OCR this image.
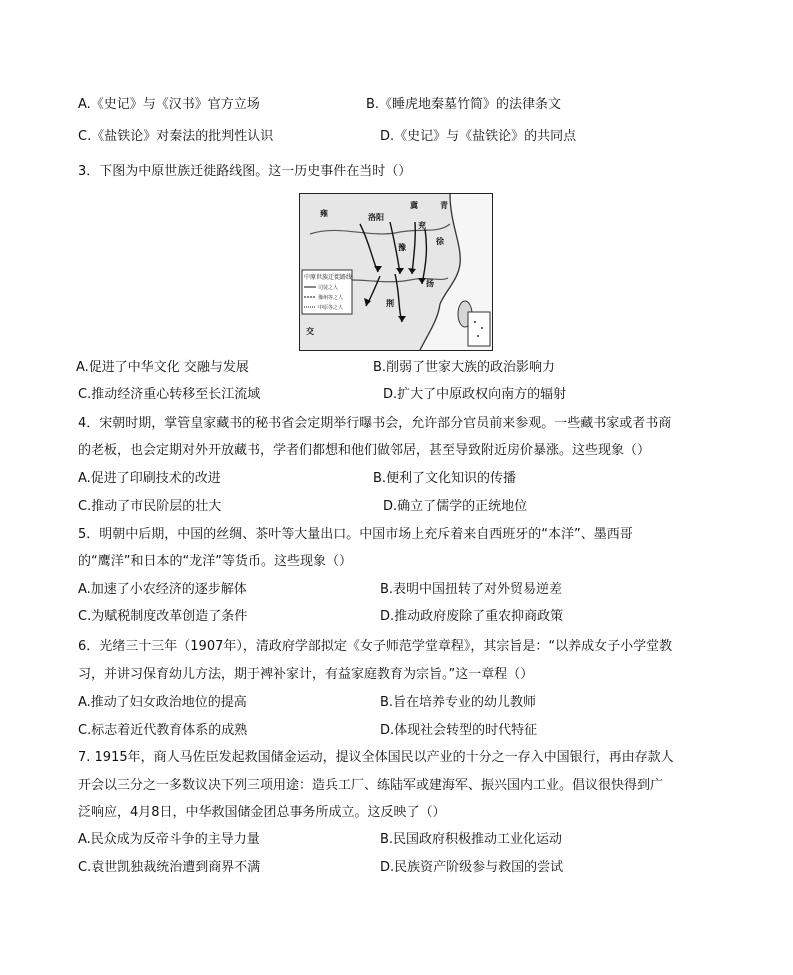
A.《史记》与《汉书》官方立场	B.《睡虎地秦墓竹简》的法律条文
C.《盐铁论》对秦法的批判性认识	D.《史记》与《盐铁论》的共同点
3．下图为中原世族迁徙路线图。这一历史事件在当时（）
中原世族迁徙路线
司徒之人
豫州等之人
中原等之人
洛阳
荆
扬
交
雍
冀	青
徐
兖
豫
A.促进了中华文化 交融与发展	B.削弱了世家大族的政治影响力
C.推动经济重心转移至长江流域	D.扩大了中原政权向南方的辐射
4．宋朝时期，掌管皇家藏书的秘书省会定期举行曝书会，允许部分官员前来参观。一些藏书家或者书商
的老板，也会定期对外开放藏书，学者们都想和他们做邻居，甚至导致附近房价暴涨。这些现象（）
A.促进了印刷技术的改进	B.便利了文化知识的传播
C.推动了市民阶层的壮大	D.确立了儒学的正统地位
5．明朝中后期，中国的丝绸、茶叶等大量出口。中国市场上充斥着来自西班牙的“本洋”、墨西哥
的“鹰洋”和日本的“龙洋”等货币。这些现象（）
A.加速了小农经济的逐步解体	B.表明中国扭转了对外贸易逆差
C.为赋税制度改革创造了条件	D.推动政府废除了重农抑商政策
6．光绪三十三年（1907年），清政府学部拟定《女子师范学堂章程》，其宗旨是：“以养成女子小学堂教
习，并讲习保育幼儿方法，期于裨补家计，有益家庭教育为宗旨。”这一章程（）
A.推动了妇女政治地位的提高	B.旨在培养专业的幼儿教师
C.标志着近代教育体系的成熟	D.体现社会转型的时代特征
7. 1915年，商人马佐臣发起救国储金运动，提议全体国民以产业的十分之一存入中国银行，再由存款人
开会以三分之一多数议决下列三项用途：造兵工厂、练陆军或建海军、振兴国内工业。倡议很快得到广
泛响应，4月8日，中华救国储金团总事务所成立。这反映了（）
A.民众成为反帝斗争的主导力量	B.民国政府积极推动工业化运动
C.袁世凯独裁统治遭到商界不满	D.民族资产阶级参与救国的尝试
